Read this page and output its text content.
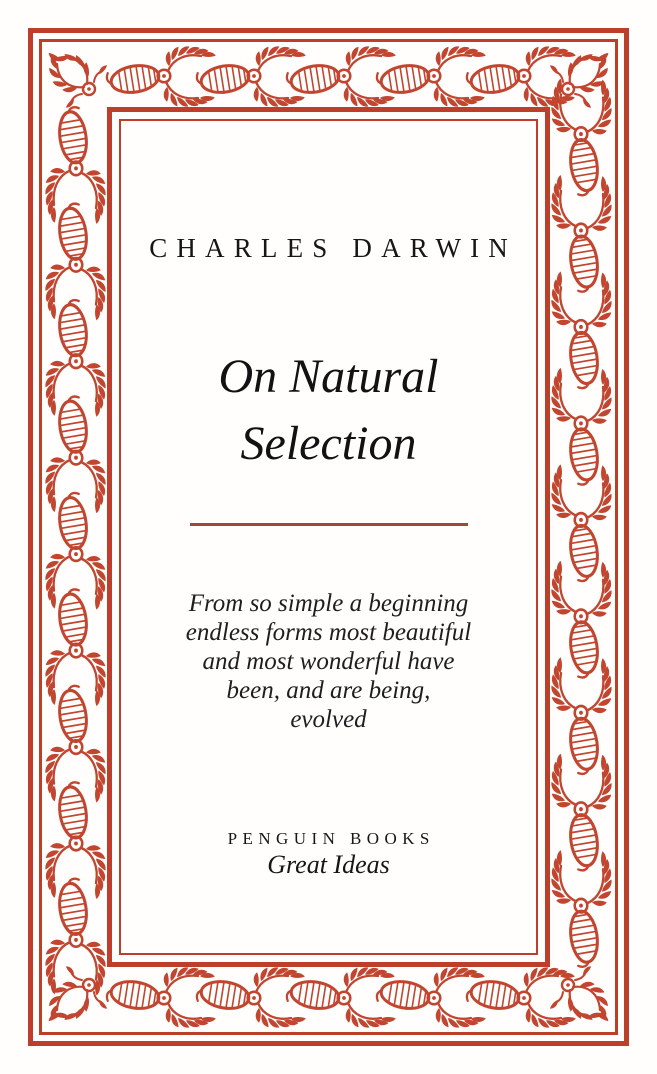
CHARLES DARWIN
On Natural
Selection
From so simple a beginning
endless forms most beautiful
and most wonderful have
been, and are being,
evolved
PENGUIN BOOKS
Great Ideas
